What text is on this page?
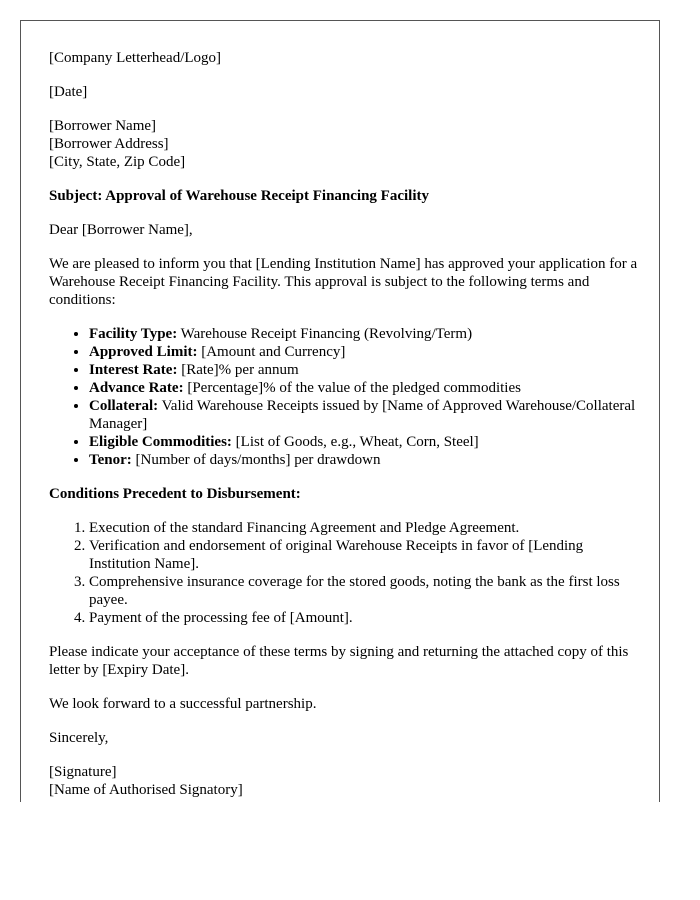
[Company Letterhead/Logo]

[Date]

[Borrower Name]
[Borrower Address]
[City, State, Zip Code]

Subject: Approval of Warehouse Receipt Financing Facility

Dear [Borrower Name],

We are pleased to inform you that [Lending Institution Name] has approved your application for a Warehouse Receipt Financing Facility. This approval is subject to the following terms and conditions:

• Facility Type: Warehouse Receipt Financing (Revolving/Term)
• Approved Limit: [Amount and Currency]
• Interest Rate: [Rate]% per annum
• Advance Rate: [Percentage]% of the value of the pledged commodities
• Collateral: Valid Warehouse Receipts issued by [Name of Approved Warehouse/Collateral Manager]
• Eligible Commodities: [List of Goods, e.g., Wheat, Corn, Steel]
• Tenor: [Number of days/months] per drawdown

Conditions Precedent to Disbursement:

1. Execution of the standard Financing Agreement and Pledge Agreement.
2. Verification and endorsement of original Warehouse Receipts in favor of [Lending Institution Name].
3. Comprehensive insurance coverage for the stored goods, noting the bank as the first loss payee.
4. Payment of the processing fee of [Amount].

Please indicate your acceptance of these terms by signing and returning the attached copy of this letter by [Expiry Date].

We look forward to a successful partnership.

Sincerely,

[Signature]
[Name of Authorised Signatory]
